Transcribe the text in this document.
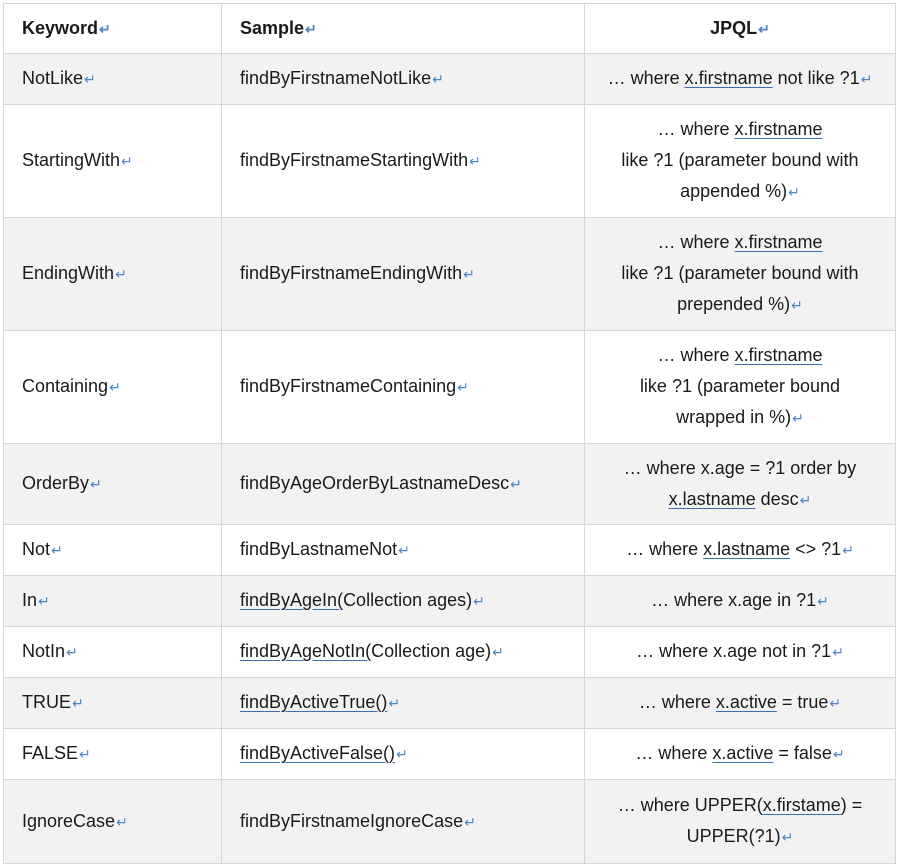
Keyword↵	Sample↵	JPQL↵
NotLike↵	findByFirstnameNotLike↵	… where x.firstname not like ?1↵
StartingWith↵	findByFirstnameStartingWith↵	… where x.firstname
like ?1 (parameter bound with
appended %)↵

EndingWith↵	findByFirstnameEndingWith↵	… where x.firstname
like ?1 (parameter bound with
prepended %)↵

Containing↵	findByFirstnameContaining↵	… where x.firstname
like ?1 (parameter bound
wrapped in %)↵

OrderBy↵	findByAgeOrderByLastnameDesc↵	… where x.age = ?1 order by
x.lastname desc↵

Not↵	findByLastnameNot↵	… where x.lastname <> ?1↵
In↵	findByAgeIn(Collection ages)↵	… where x.age in ?1↵
NotIn↵	findByAgeNotIn(Collection age)↵	… where x.age not in ?1↵
TRUE↵	findByActiveTrue()↵	… where x.active = true↵
FALSE↵	findByActiveFalse()↵	… where x.active = false↵
IgnoreCase↵	findByFirstnameIgnoreCase↵	… where UPPER(x.firstame) =
UPPER(?1)↵
